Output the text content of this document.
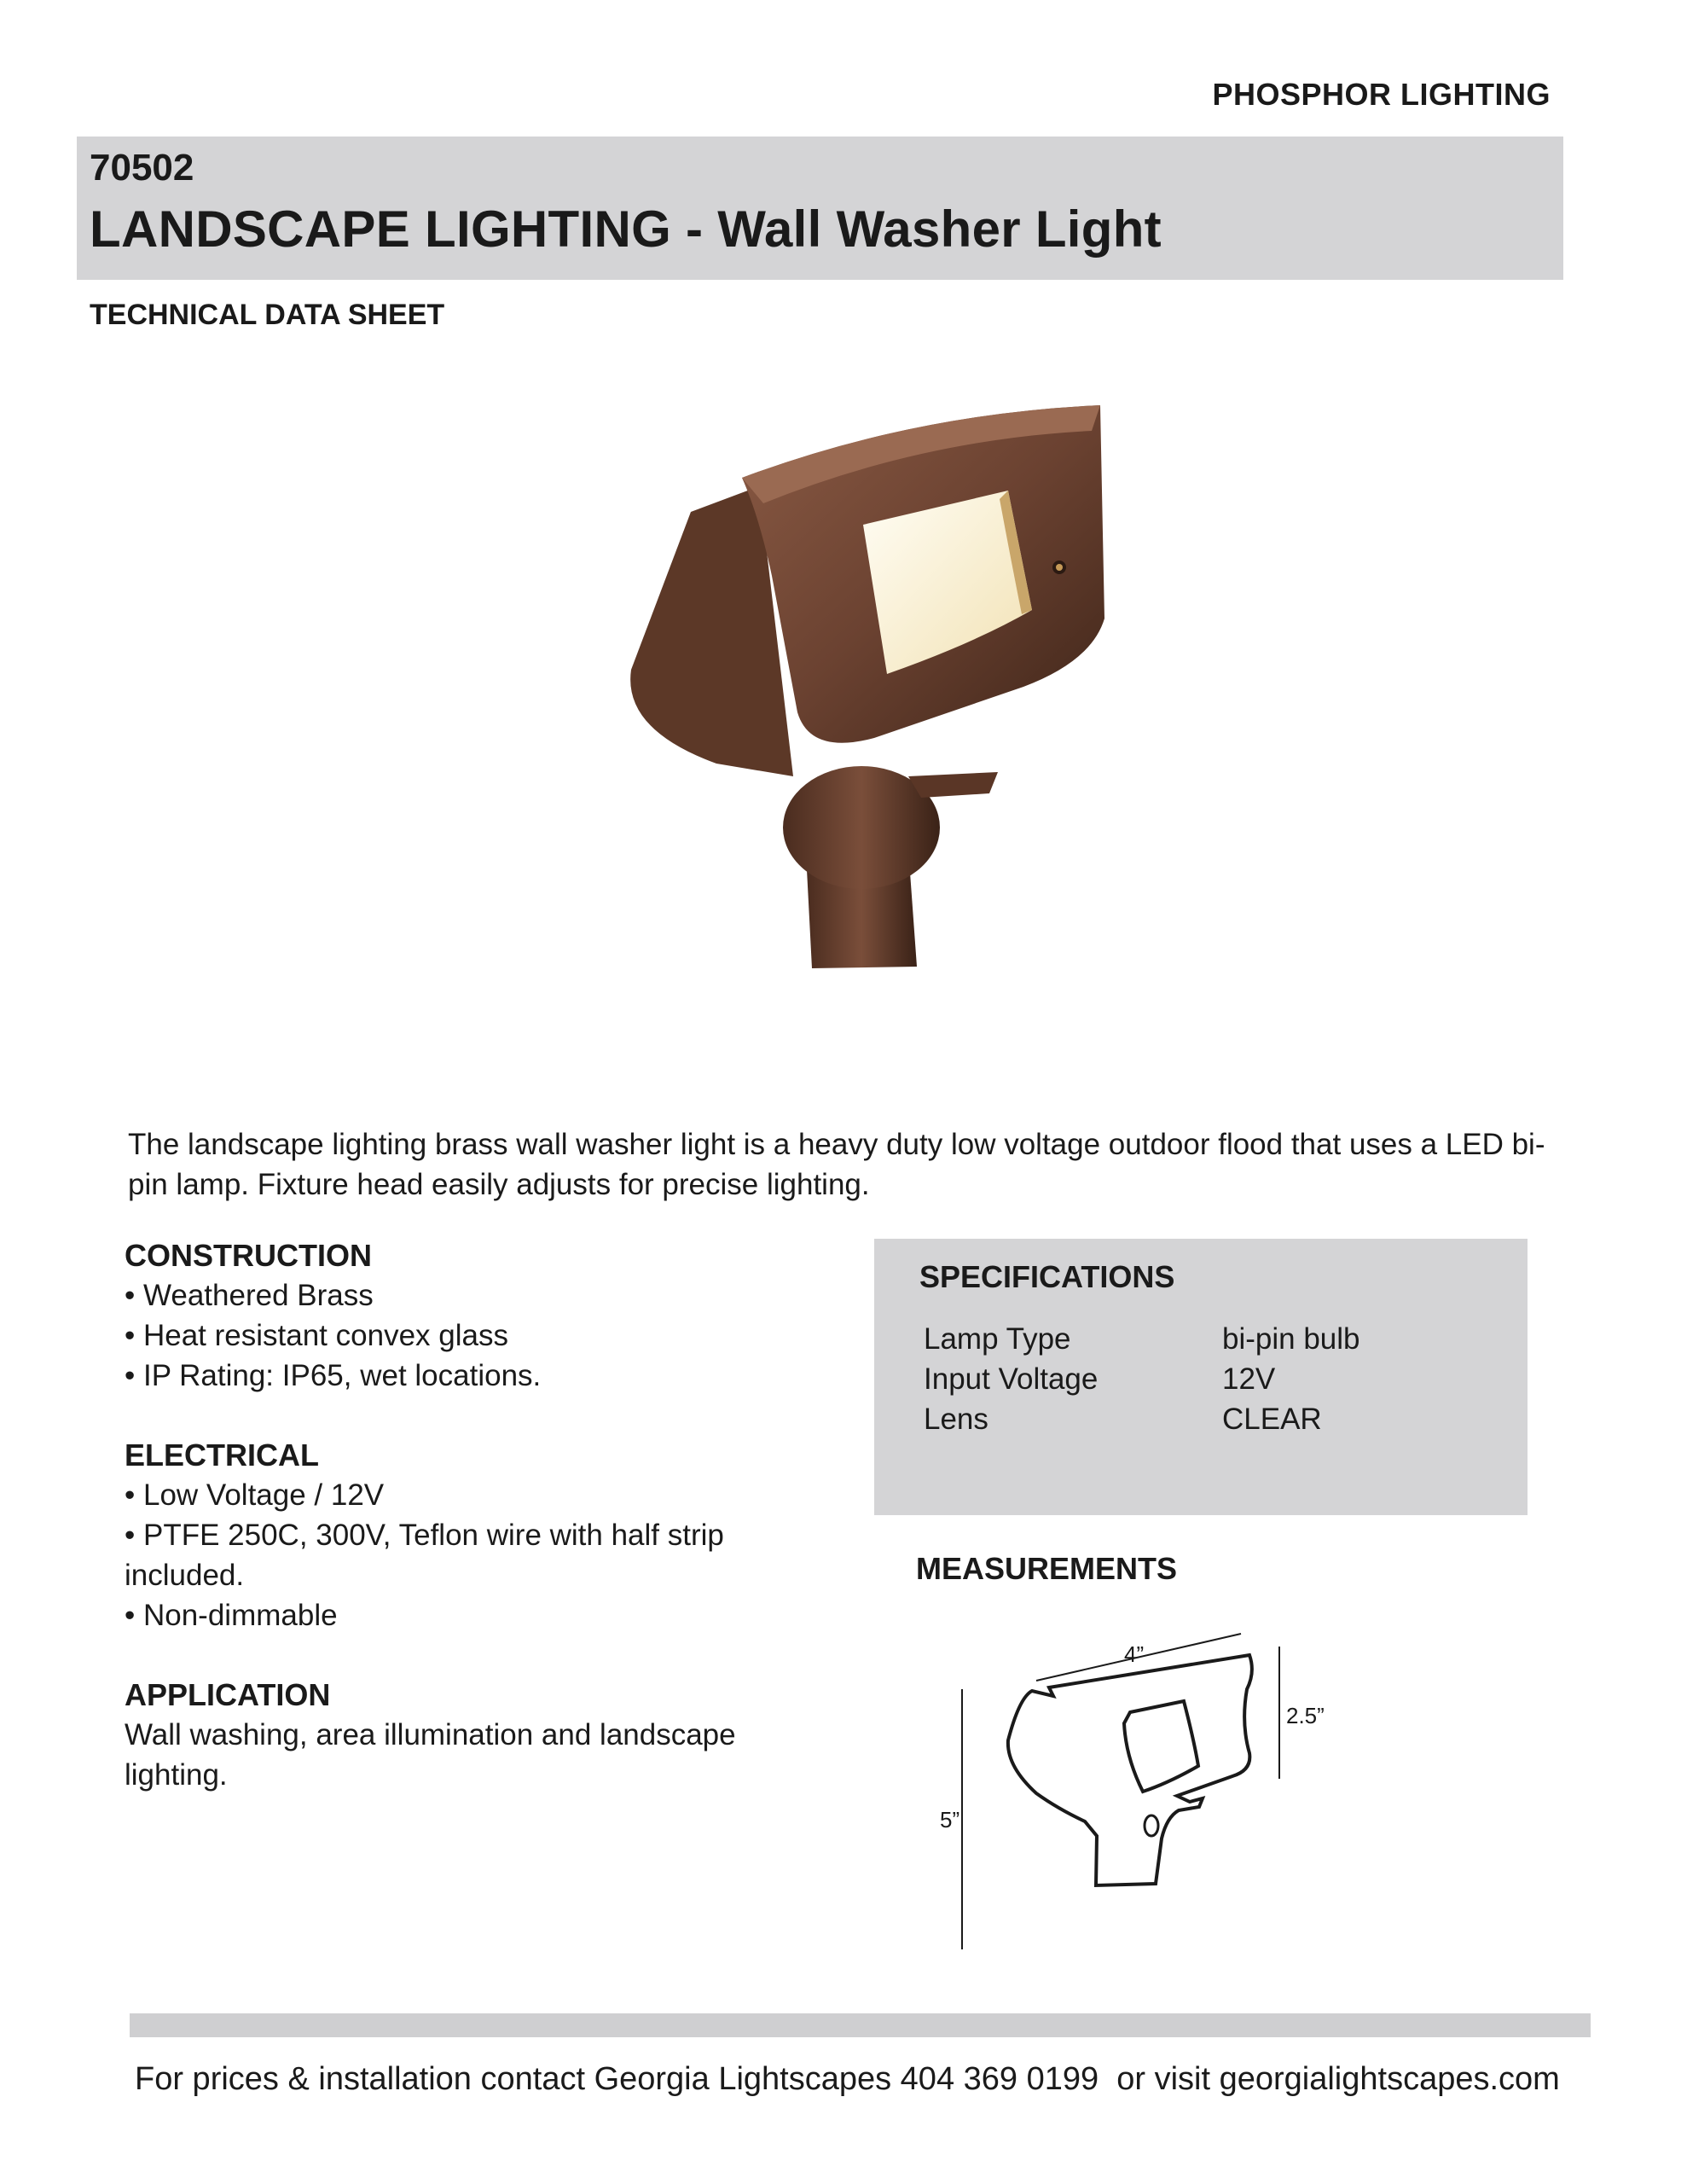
PHOSPHOR LIGHTING
70502
LANDSCAPE LIGHTING - Wall Washer Light
TECHNICAL DATA SHEET
The landscape lighting brass wall washer light is a heavy duty low voltage outdoor flood that uses a LED bi-pin lamp. Fixture head easily adjusts for precise lighting.
CONSTRUCTION
• Weathered Brass
• Heat resistant convex glass
• IP Rating: IP65, wet locations.
ELECTRICAL
• Low Voltage / 12V
• PTFE 250C, 300V, Teflon wire with half strip included.
• Non-dimmable
APPLICATION
Wall washing, area illumination and landscape lighting.
SPECIFICATIONS
Lamp Type	bi-pin bulb
Input Voltage	12V
Lens	CLEAR
MEASUREMENTS
4”
5”
2.5”
For prices & installation contact Georgia Lightscapes 404 369 0199  or visit georgialightscapes.com
